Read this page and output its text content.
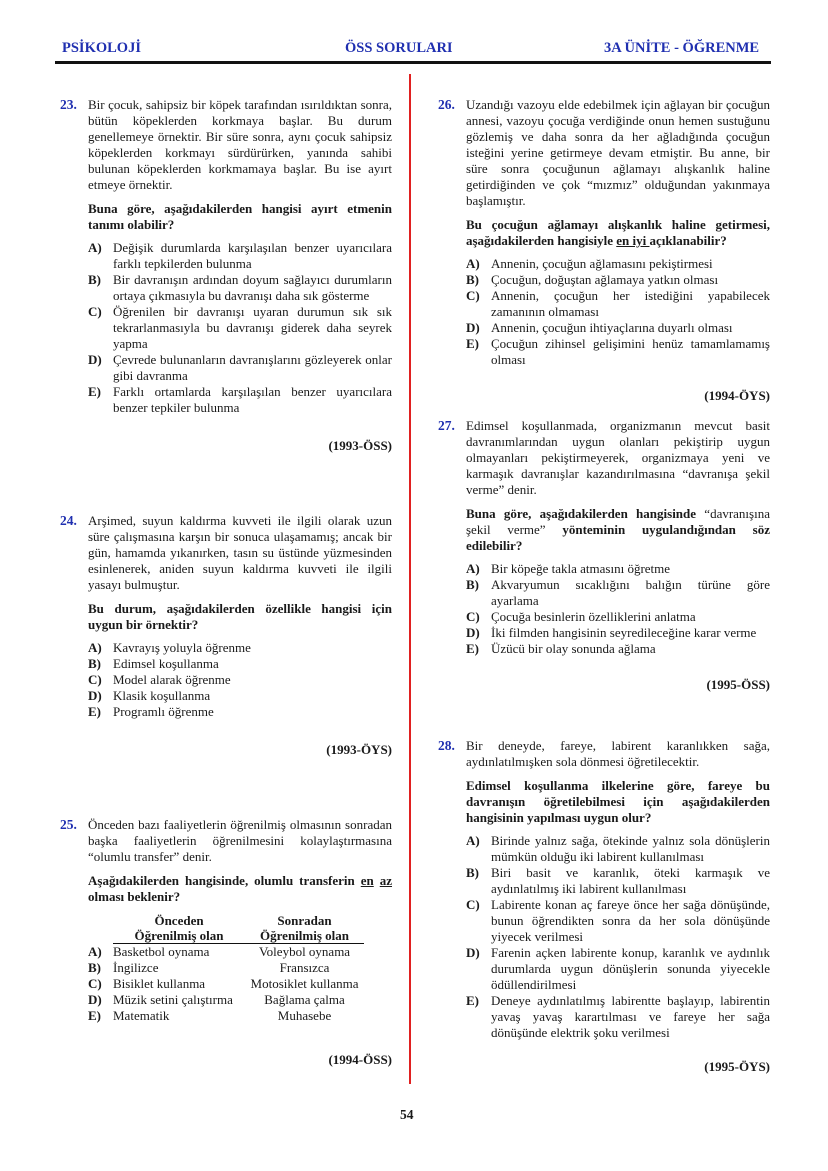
PSİKOLOJİ	ÖSS SORULARI	3A ÜNİTE - ÖĞRENME
23. Bir çocuk, sahipsiz bir köpek tarafından ısırıldıktan sonra, bütün köpeklerden korkmaya başlar. Bu durum genellemeye örnektir. Bir süre sonra, aynı çocuk sahipsiz köpeklerden korkmayı sürdürürken, yanında sahibi bulunan köpeklerden korkmamaya başlar. Bu ise ayırt etmeye örnektir.
Buna göre, aşağıdakilerden hangisi ayırt etmenin tanımı olabilir?
A) Değişik durumlarda karşılaşılan benzer uyarıcılara farklı tepkilerden bulunma
B) Bir davranışın ardından doyum sağlayıcı durumların ortaya çıkmasıyla bu davranışı daha sık gösterme
C) Öğrenilen bir davranışı uyaran durumun sık sık tekrarlanmasıyla bu davranışı giderek daha seyrek yapma
D) Çevrede bulunanların davranışlarını gözleyerek onlar gibi davranma
E) Farklı ortamlarda karşılaşılan benzer uyarıcılara benzer tepkiler bulunma
(1993-ÖSS)
24. Arşimed, suyun kaldırma kuvveti ile ilgili olarak uzun süre çalışmasına karşın bir sonuca ulaşamamış; ancak bir gün, hamamda yıkanırken, tasın su üstünde yüzmesinden esinlenerek, aniden suyun kaldırma kuvveti ile ilgili yasayı bulmuştur.
Bu durum, aşağıdakilerden özellikle hangisi için uygun bir örnektir?
A) Kavrayış yoluyla öğrenme
B) Edimsel koşullanma
C) Model alarak öğrenme
D) Klasik koşullanma
E) Programlı öğrenme
(1993-ÖYS)
25. Önceden bazı faaliyetlerin öğrenilmiş olmasının sonradan başka faaliyetlerin öğrenilmesini kolaylaştırmasına “olumlu transfer” denir.
Aşağıdakilerden hangisinde, olumlu transferin en az olması beklenir?
	Önceden	Sonradan
	Öğrenilmiş olan	Öğrenilmiş olan
A)	Basketbol oynama	Voleybol oynama
B)	İngilizce	Fransızca
C)	Bisiklet kullanma	Motosiklet kullanma
D)	Müzik setini çalıştırma	Bağlama çalma
E)	Matematik	Muhasebe
(1994-ÖSS)
26. Uzandığı vazoyu elde edebilmek için ağlayan bir çocuğun annesi, vazoyu çocuğa verdiğinde onun hemen sustuğunu gözlemiş ve daha sonra da her ağladığında çocuğun isteğini yerine getirmeye devam etmiştir. Bu anne, bir süre sonra çocuğunun ağlamayı alışkanlık haline getirdiğinden ve çok “mızmız” olduğundan yakınmaya başlamıştır.
Bu çocuğun ağlamayı alışkanlık haline getirmesi, aşağıdakilerden hangisiyle en iyi açıklanabilir?
A) Annenin, çocuğun ağlamasını pekiştirmesi
B) Çocuğun, doğuştan ağlamaya yatkın olması
C) Annenin, çocuğun her istediğini yapabilecek zamanının olmaması
D) Annenin, çocuğun ihtiyaçlarına duyarlı olması
E) Çocuğun zihinsel gelişimini henüz tamamlamamış olması
(1994-ÖYS)
27. Edimsel koşullanmada, organizmanın mevcut basit davranımlarından uygun olanları pekiştirip uygun olmayanları pekiştirmeyerek, organizmaya yeni ve karmaşık davranışlar kazandırılmasına “davranışa şekil verme” denir.
Buna göre, aşağıdakilerden hangisinde “davranışına şekil verme” yönteminin uygulandığından söz edilebilir?
A) Bir köpeğe takla atmasını öğretme
B) Akvaryumun sıcaklığını balığın türüne göre ayarlama
C) Çocuğa besinlerin özelliklerini anlatma
D) İki filmden hangisinin seyredileceğine karar verme
E) Üzücü bir olay sonunda ağlama
(1995-ÖSS)
28. Bir deneyde, fareye, labirent karanlıkken sağa, aydınlatılmışken sola dönmesi öğretilecektir.
Edimsel koşullanma ilkelerine göre, fareye bu davranışın öğretilebilmesi için aşağıdakilerden hangisinin yapılması uygun olur?
A) Birinde yalnız sağa, ötekinde yalnız sola dönüşlerin mümkün olduğu iki labirent kullanılması
B) Biri basit ve karanlık, öteki karmaşık ve aydınlatılmış iki labirent kullanılması
C) Labirente konan aç fareye önce her sağa dönüşünde, bunun öğrendikten sonra da her sola dönüşünde yiyecek verilmesi
D) Farenin açken labirente konup, karanlık ve aydınlık durumlarda uygun dönüşlerin sonunda yiyecekle ödüllendirilmesi
E) Deneye aydınlatılmış labirentte başlayıp, labirentin yavaş yavaş karartılması ve fareye her sağa dönüşünde elektrik şoku verilmesi
(1995-ÖYS)
54
